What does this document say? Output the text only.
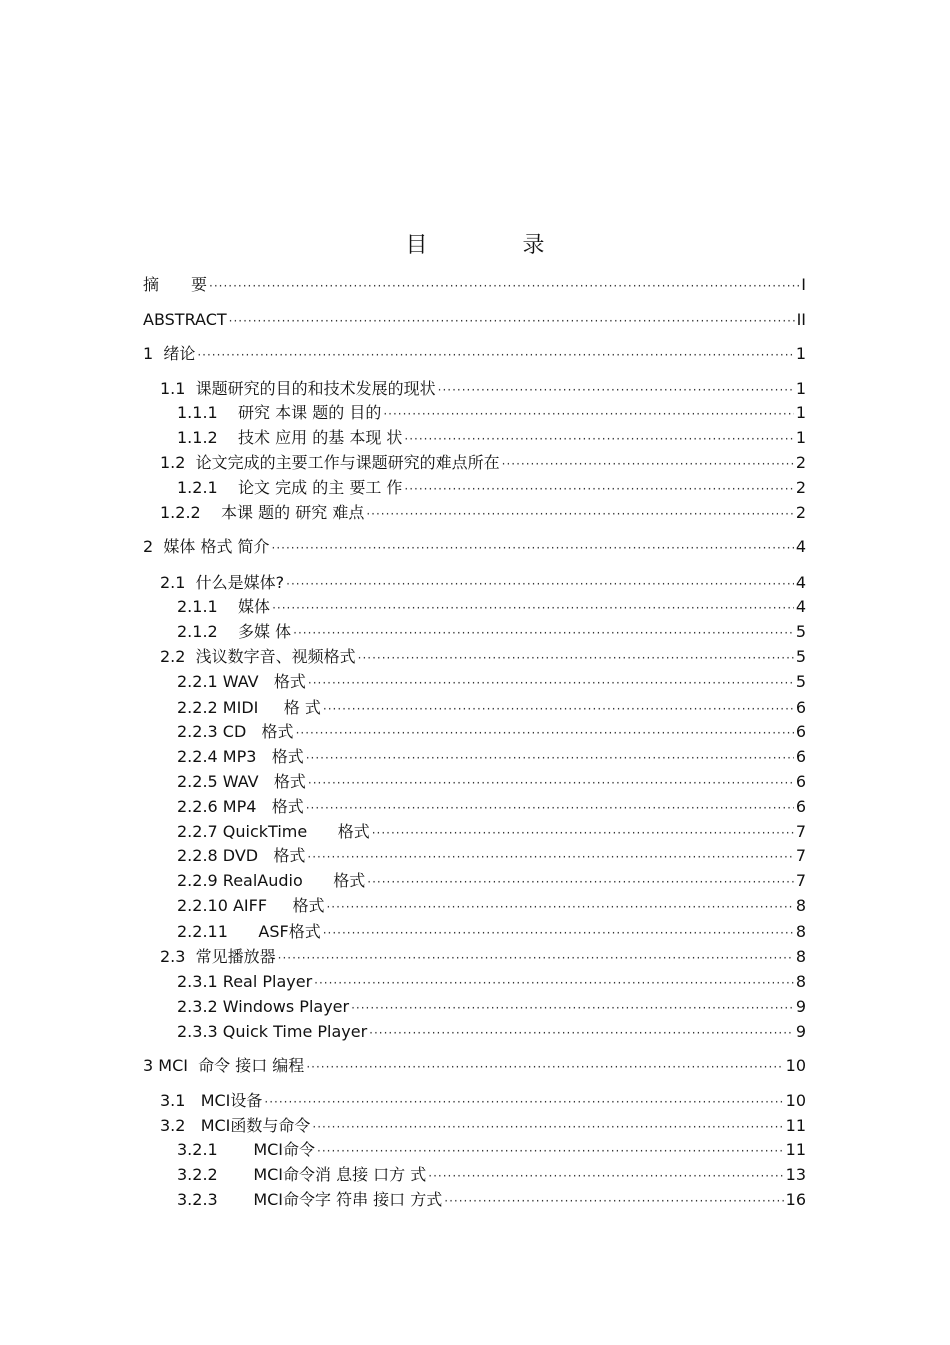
目 录
摘　　要 ·····	I
ABSTRACT ·····	II
1  绪论 ·····	1
1.1  课题研究的目的和技术发展的现状 ·····	1
1.1.1    研究 本课 题的 目的 ·····	1
1.1.2    技术 应用 的基 本现 状 ·····	1
1.2  论文完成的主要工作与课题研究的难点所在 ·····	2
1.2.1    论文 完成 的主 要工 作 ·····	2
1.2.2    本课 题的 研究 难点 ·····	2
2  媒体 格式 简介 ·····	4
2.1  什么是媒体? ·····	4
2.1.1    媒体 ·····	4
2.1.2    多媒 体 ·····	5
2.2  浅议数字音、视频格式 ·····	5
2.2.1 WAV   格式 ·····	5
2.2.2 MIDI     格 式 ·····	6
2.2.3 CD   格式 ·····	6
2.2.4 MP3   格式 ·····	6
2.2.5 WAV   格式 ·····	6
2.2.6 MP4   格式 ·····	6
2.2.7 QuickTime      格式 ·····	7
2.2.8 DVD   格式 ·····	7
2.2.9 RealAudio      格式 ·····	7
2.2.10 AIFF     格式 ·····	8
2.2.11      ASF格式 ·····	8
2.3  常见播放器 ·····	8
2.3.1 Real Player ·····	8
2.3.2 Windows Player ·····	9
2.3.3 Quick Time Player ·····	9
3 MCI  命令 接口 编程 ·····	10
3.1   MCI设备 ·····	10
3.2   MCI函数与命令 ·····	11
3.2.1       MCI命令 ·····	11
3.2.2       MCI命令消 息接 口方 式 ·····	13
3.2.3       MCI命令字 符串 接口 方式 ·····	16
